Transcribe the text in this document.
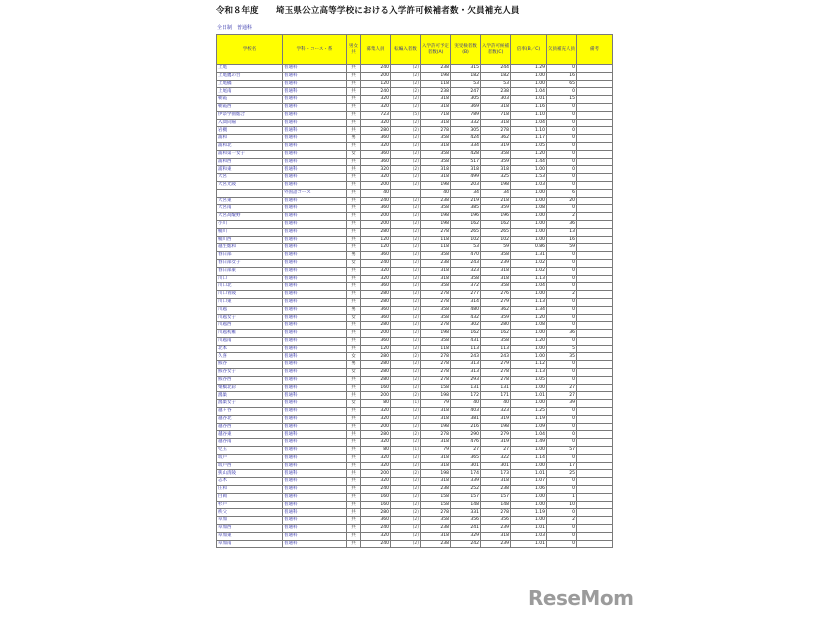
令和８年度	埼玉県公立高等学校における入学許可候補者数・欠員補充人員
全日制　普通科
学校名	学科・コース・系	男女共	募集人員	転編入者数	入学許可予定者数(A)	実受検者数(B)	入学許可候補者数(C)	倍率(B／C)	欠員補充人員	備考
上尾	普通科	共	240	(2)	238	315	244	1.29	0	
上尾鷹の台	普通科	共	200	(2)	198	182	182	1.00	16	
上尾橘	普通科	共	120	(2)	118	53	53	1.00	65	
上尾南	普通科	共	240	(2)	238	247	238	1.04	0	
朝霞	普通科	共	320	(2)	318	305	303	1.01	15	
朝霞西	普通科	共	320	(2)	318	369	318	1.16	0	
伊奈学園総合	普通科	共	723	(5)	718	789	718	1.10	0	
入間向陽	普通科	共	320	(2)	318	332	318	1.04	0	
岩槻	普通科	共	280	(2)	278	305	278	1.10	0	
浦和	普通科	男	360	(2)	358	424	362	1.17	0	
浦和北	普通科	共	320	(2)	318	334	319	1.05	0	
浦和第一女子	普通科	女	360	(2)	358	428	358	1.20	0	
浦和西	普通科	共	360	(2)	358	517	359	1.44	0	
浦和東	普通科	共	320	(2)	318	318	318	1.00	0	
大宮	普通科	共	320	(2)	318	499	325	1.53	0	
大宮光陵	普通科	共	200	(2)	198	203	198	1.03	0	
	外国語コース	共	40		40	34	34	1.00	6	
大宮東	普通科	共	240	(2)	238	219	218	1.00	20	
大宮南	普通科	共	360	(2)	358	385	359	1.08	0	
大宮高醍野	普通科	共	200	(2)	198	196	196	1.00	2	
小川	普通科	共	200	(2)	198	162	162	1.00	36	
桶川	普通科	共	280	(2)	278	265	265	1.00	13	
桶川西	普通科	共	120	(2)	118	102	102	1.00	16	
越生総和	普通科	共	120	(2)	118	53	59	0.86	59	
春日部	普通科	男	360	(2)	358	470	358	1.31	0	
春日部女子	普通科	女	240	(2)	238	243	239	1.02	0	
春日部東	普通科	共	320	(2)	318	323	318	1.02	0	
川口	普通科	共	320	(2)	318	358	318	1.13	0	
川口北	普通科	共	360	(2)	358	372	358	1.04	0	
川口青陵	普通科	共	280	(2)	278	277	276	1.00	2	
川口東	普通科	共	280	(2)	278	314	279	1.13	0	
川越	普通科	男	360	(2)	358	480	362	1.34	0	
川越女子	普通科	女	360	(2)	358	432	359	1.20	0	
川越西	普通科	共	280	(2)	278	302	280	1.08	0	
川越初雁	普通科	共	200	(2)	198	162	162	1.00	36	
川越南	普通科	共	360	(2)	358	431	358	1.20	0	
北本	普通科	共	120	(2)	118	113	113	1.00	5	
久喜	普通科	女	280	(2)	278	243	243	1.00	35	
熊谷	普通科	男	280	(2)	278	313	279	1.12	0	
熊谷女子	普通科	女	280	(2)	278	313	278	1.13	0	
熊谷西	普通科	共	280	(2)	278	293	278	1.05	0	
栗橋北彩	普通科	共	160	(2)	158	131	131	1.00	27	
鴻巣	普通科	共	200	(2)	198	172	171	1.01	27	
鴻巣女子	普通科	女	80	(1)	79	40	40	1.00	39	
越ヶ谷	普通科	共	320	(2)	318	403	323	1.25	0	
越谷北	普通科	共	320	(2)	318	381	319	1.19	0	
越谷西	普通科	共	200	(2)	198	216	198	1.09	0	
越谷東	普通科	共	280	(2)	278	290	279	1.04	0	
越谷南	普通科	共	320	(2)	318	476	319	1.49	0	
児玉	普通科	共	80	(1)	79	27	27	1.00	57	
坂戸	普通科	共	320	(2)	318	365	322	1.14	0	
坂戸西	普通科	共	320	(2)	318	301	301	1.00	17	
狭山清陵	普通科	共	200	(2)	198	174	173	1.01	25	
志木	普通科	共	320	(2)	318	339	318	1.07	0	
庄和	普通科	共	240	(2)	238	252	238	1.06	0	
白岡	普通科	共	160	(2)	158	157	157	1.00	1	
杉戸	普通科	共	160	(2)	158	148	148	1.00	10	
秩父	普通科	共	280	(2)	278	331	278	1.19	0	
草加	普通科	共	360	(2)	358	356	356	1.00	2	
草加西	普通科	共	240	(2)	238	241	239	1.01	0	
草加東	普通科	共	320	(2)	318	329	318	1.03	0	
草加南	普通科	共	240	(2)	238	242	239	1.01	0	
ReseMom
